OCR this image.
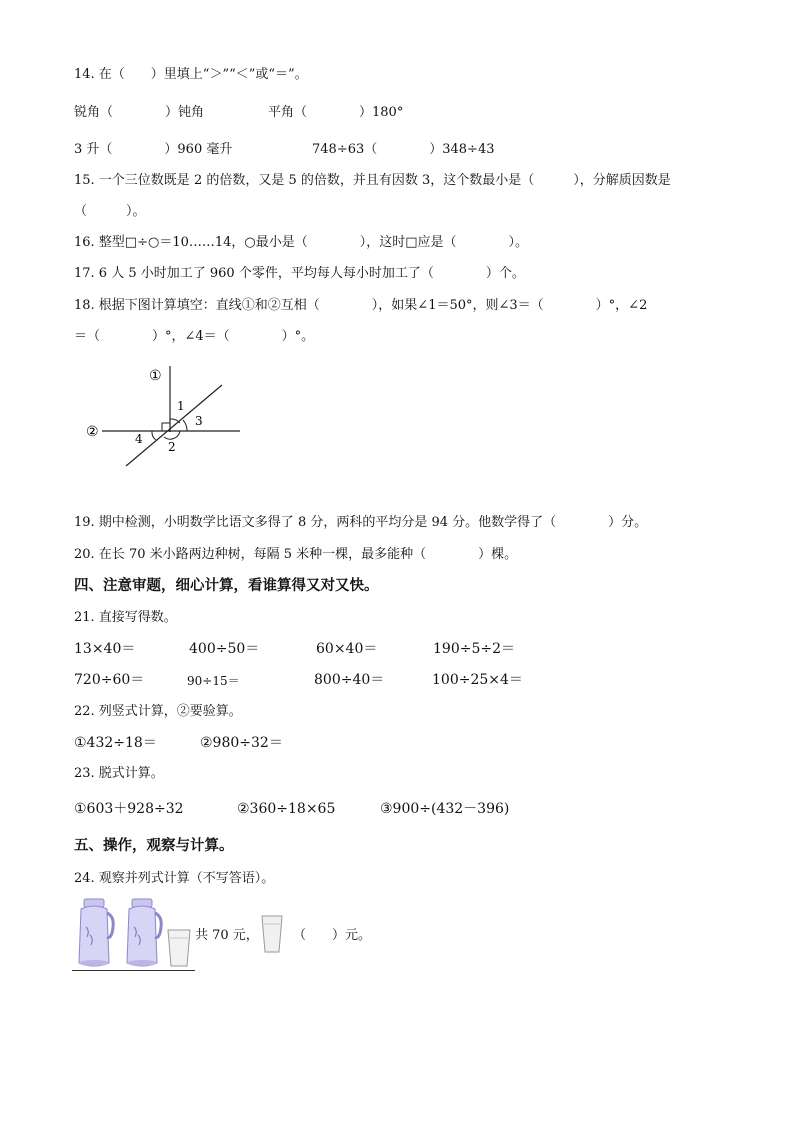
14. 在（　　）里填上“＞”“＜”或“＝”。
锐角（　　　　）钝角	平角（　　　　）180°
3 升（　　　　）960 毫升	748÷63（　　　　）348÷43
15. 一个三位数既是 2 的倍数，又是 5 的倍数，并且有因数 3，这个数最小是（　　　），分解质因数是
（　　　）。
16. 整型□÷○＝10……14，○最小是（　　　　），这时□应是（　　　　）。
17. 6 人 5 小时加工了 960 个零件，平均每人每小时加工了（　　　　）个。
18. 根据下图计算填空：直线①和②互相（　　　　），如果∠1＝50°，则∠3＝（　　　　）°，∠2
＝（　　　　）°，∠4＝（　　　　）°。
①
②
1
3
2
4
19. 期中检测，小明数学比语文多得了 8 分，两科的平均分是 94 分。他数学得了（　　　　）分。
20. 在长 70 米小路两边种树，每隔 5 米种一棵，最多能种（　　　　）棵。
四、注意审题，细心计算，看谁算得又对又快。
21. 直接写得数。
13×40＝	400÷50＝	60×40＝	190÷5÷2＝
720÷60＝	90÷15＝	800÷40＝	100÷25×4＝
22. 列竖式计算，②要验算。
①432÷18＝	②980÷32＝
23. 脱式计算。
①603＋928÷32	②360÷18×65	③900÷(432－396)
五、操作，观察与计算。
24. 观察并列式计算（不写答语）。
共 70 元，	（　　）元。
